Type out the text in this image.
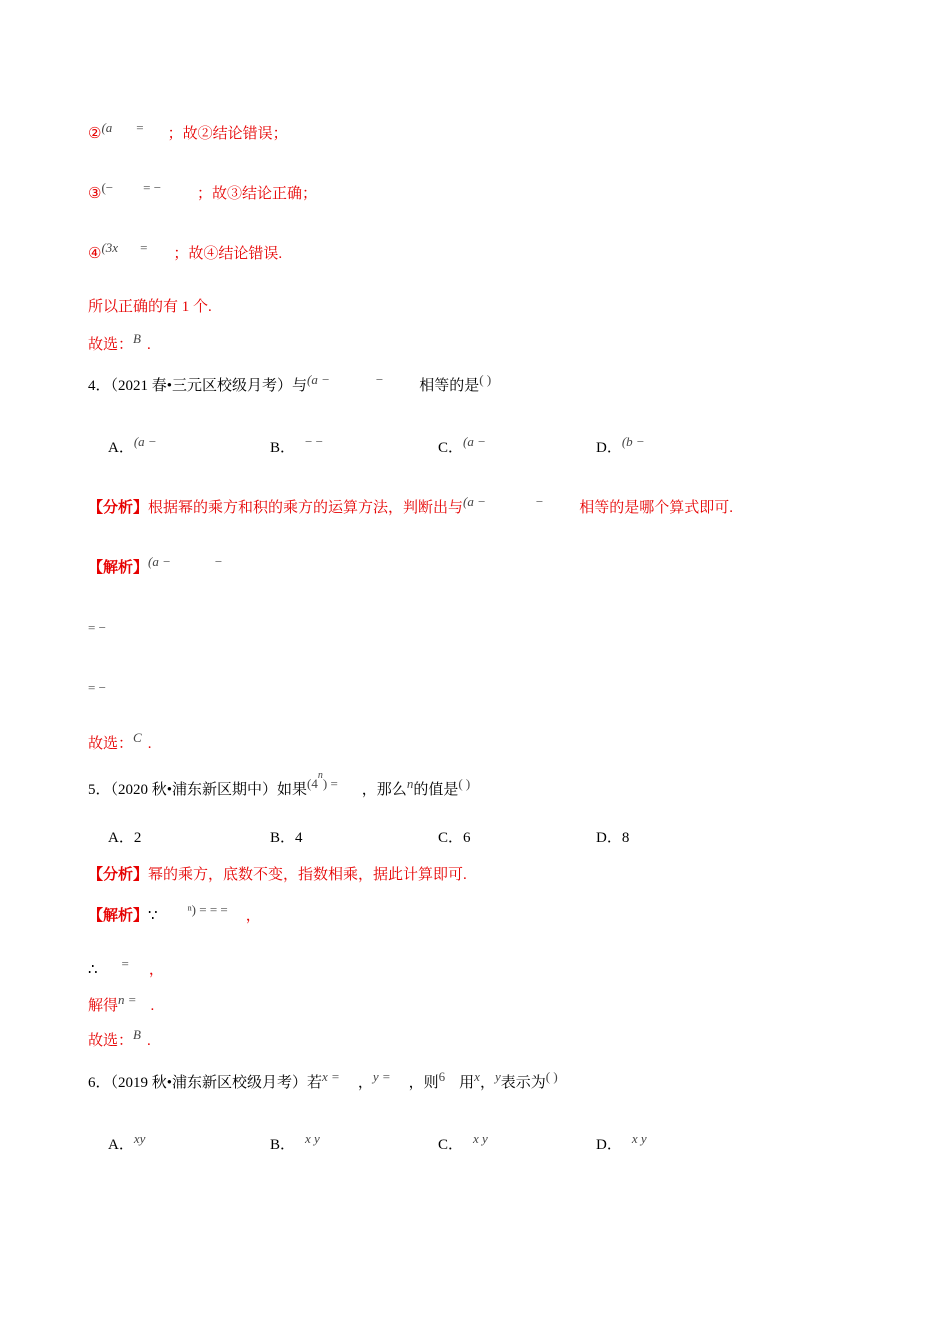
②(a = ；故②结论错误；
③(− = − ；故③结论正确；
④(3x = ；故④结论错误.
所以正确的有 1 个.
故选：B .
4．（2021 春•三元区校级月考）与(a −	− 相等的是( )
A．(a −	B． − −	C．(a −	D．(b −
【分析】根据幂的乘方和积的乘方的运算方法，判断出与(a −	− 相等的是哪个算式即可.
【解析】(a −	−
= − ⃞
= −
故选：C .
5．（2020 秋•浦东新区期中）如果$(4^n)$ = ，那么n的值是( )
A．2	B．4	C．6	D．8
【分析】幂的乘方，底数不变，指数相乘，据此计算即可.
【解析】∵ ⁿ) = = = ，
∴ = ，
解得n = .
故选：B .
6．（2019 秋•浦东新区校级月考）若x = ，y = ，则6 用x，y表示为( )
A．xy	B． x y	C． x y	D． x y
